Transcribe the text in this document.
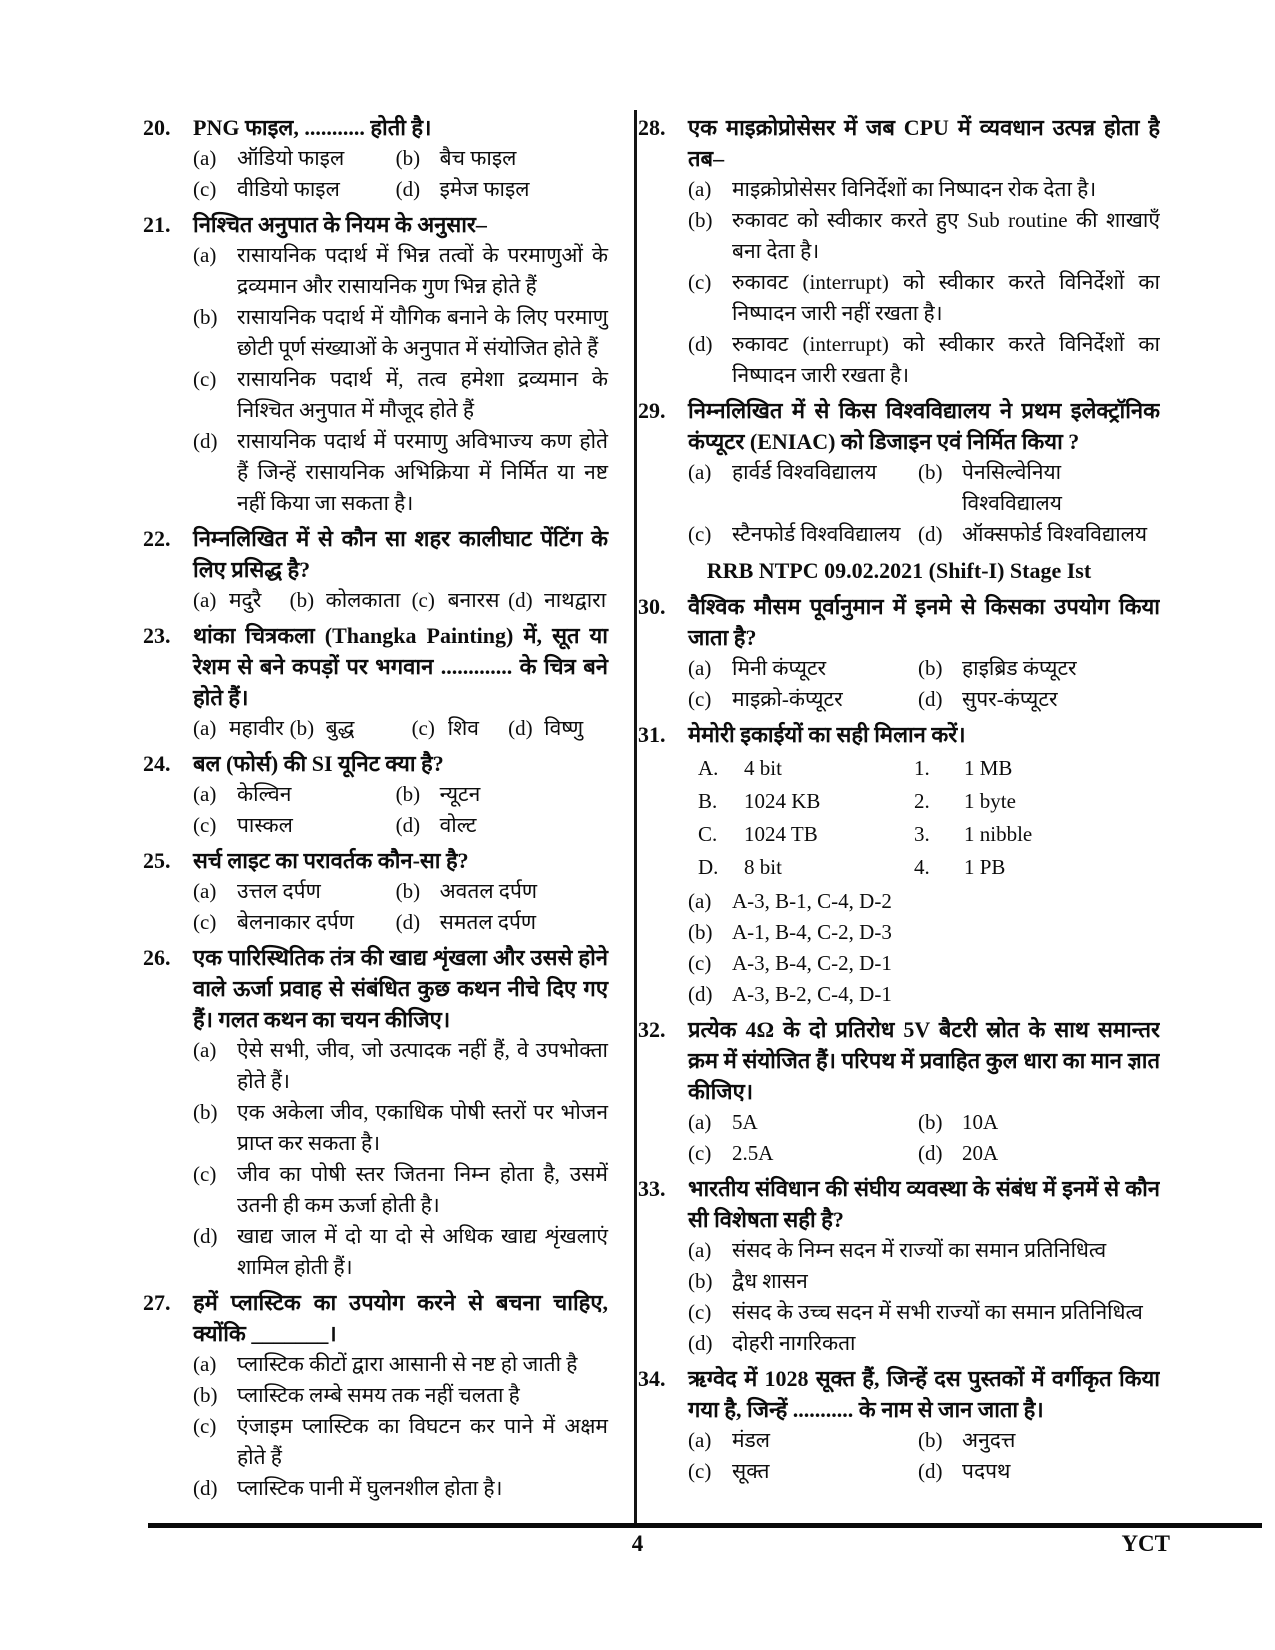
20.	PNG फाइल, ........... होती है।
(a) ऑडियो फाइल	(b) बैच फाइल
(c) वीडियो फाइल	(d) इमेज फाइल
21.	निश्चित अनुपात के नियम के अनुसार–
(a) रासायनिक पदार्थ में भिन्न तत्वों के परमाणुओं के द्रव्यमान और रासायनिक गुण भिन्न होते हैं
(b) रासायनिक पदार्थ में यौगिक बनाने के लिए परमाणु छोटी पूर्ण संख्याओं के अनुपात में संयोजित होते हैं
(c) रासायनिक पदार्थ में, तत्व हमेशा द्रव्यमान के निश्चित अनुपात में मौजूद होते हैं
(d) रासायनिक पदार्थ में परमाणु अविभाज्य कण होते हैं जिन्हें रासायनिक अभिक्रिया में निर्मित या नष्ट नहीं किया जा सकता है।
22.	निम्नलिखित में से कौन सा शहर कालीघाट पेंटिंग के लिए प्रसिद्ध है?
(a) मदुरै	(b) कोलकाता (c) बनारस (d) नाथद्वारा
23.	थांका चित्रकला (Thangka Painting) में, सूत या रेशम से बने कपड़ों पर भगवान ............. के चित्र बने होते हैं।
(a) महावीर (b) बुद्ध	(c) शिव	(d) विष्णु
24.	बल (फोर्स) की SI यूनिट क्या है?
(a) केल्विन	(b) न्यूटन
(c) पास्कल	(d) वोल्ट
25.	सर्च लाइट का परावर्तक कौन-सा है?
(a) उत्तल दर्पण	(b) अवतल दर्पण
(c) बेलनाकार दर्पण	(d) समतल दर्पण
26.	एक पारिस्थितिक तंत्र की खाद्य शृंखला और उससे होने वाले ऊर्जा प्रवाह से संबंधित कुछ कथन नीचे दिए गए हैं। गलत कथन का चयन कीजिए।
(a) ऐसे सभी, जीव, जो उत्पादक नहीं हैं, वे उपभोक्ता होते हैं।
(b) एक अकेला जीव, एकाधिक पोषी स्तरों पर भोजन प्राप्त कर सकता है।
(c) जीव का पोषी स्तर जितना निम्न होता है, उसमें उतनी ही कम ऊर्जा होती है।
(d) खाद्य जाल में दो या दो से अधिक खाद्य शृंखलाएं शामिल होती हैं।
27.	हमें प्लास्टिक का उपयोग करने से बचना चाहिए, क्योंकि _______।
(a) प्लास्टिक कीटों द्वारा आसानी से नष्ट हो जाती है
(b) प्लास्टिक लम्बे समय तक नहीं चलता है
(c) एंजाइम प्लास्टिक का विघटन कर पाने में अक्षम होते हैं
(d) प्लास्टिक पानी में घुलनशील होता है।
28.	एक माइक्रोप्रोसेसर में जब CPU में व्यवधान उत्पन्न होता है तब–
(a) माइक्रोप्रोसेसर विनिर्देशों का निष्पादन रोक देता है।
(b) रुकावट को स्वीकार करते हुए Sub routine की शाखाएँ बना देता है।
(c) रुकावट (interrupt) को स्वीकार करते विनिर्देशों का निष्पादन जारी नहीं रखता है।
(d) रुकावट (interrupt) को स्वीकार करते विनिर्देशों का निष्पादन जारी रखता है।
29.	निम्नलिखित में से किस विश्वविद्यालय ने प्रथम इलेक्ट्रॉनिक कंप्यूटर (ENIAC) को डिजाइन एवं निर्मित किया ?
(a) हार्वर्ड विश्वविद्यालय	(b) पेनसिल्वेनिया विश्वविद्यालय
(c) स्टैनफोर्ड विश्वविद्यालय (d) ऑक्सफोर्ड विश्वविद्यालय
RRB NTPC 09.02.2021 (Shift-I) Stage Ist
30.	वैश्विक मौसम पूर्वानुमान में इनमे से किसका उपयोग किया जाता है?
(a) मिनी कंप्यूटर	(b) हाइब्रिड कंप्यूटर
(c) माइक्रो-कंप्यूटर	(d) सुपर-कंप्यूटर
31.	मेमोरी इकाईयों का सही मिलान करें।
A.	4 bit	1.	1 MB
B.	1024 KB	2.	1 byte
C.	1024 TB	3.	1 nibble
D.	8 bit	4.	1 PB
(a) A-3, B-1, C-4, D-2
(b) A-1, B-4, C-2, D-3
(c) A-3, B-4, C-2, D-1
(d) A-3, B-2, C-4, D-1
32.	प्रत्येक 4Ω के दो प्रतिरोध 5V बैटरी स्रोत के साथ समान्तर क्रम में संयोजित हैं। परिपथ में प्रवाहित कुल धारा का मान ज्ञात कीजिए।
(a) 5A	(b) 10A
(c) 2.5A	(d) 20A
33.	भारतीय संविधान की संघीय व्यवस्था के संबंध में इनमें से कौन सी विशेषता सही है?
(a) संसद के निम्न सदन में राज्यों का समान प्रतिनिधित्व
(b) द्वैध शासन
(c) संसद के उच्च सदन में सभी राज्यों का समान प्रतिनिधित्व
(d) दोहरी नागरिकता
34.	ऋग्वेद में 1028 सूक्त हैं, जिन्हें दस पुस्तकों में वर्गीकृत किया गया है, जिन्हें ........... के नाम से जान जाता है।
(a) मंडल	(b) अनुदत्त
(c) सूक्त	(d) पदपथ
4	YCT
